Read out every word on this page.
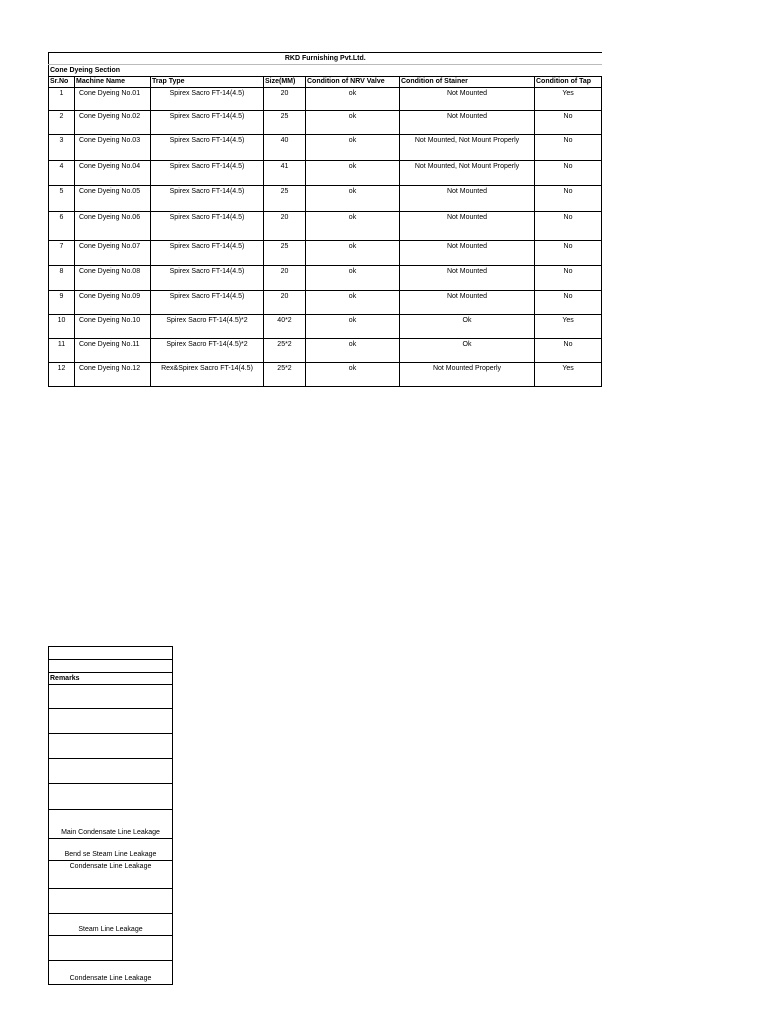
RKD Furnishing Pvt.Ltd.						
Cone Dyeing Section						
Sr.No	Machine Name	Trap Type	Size(MM)	Condition of NRV Valve	Condition of Stainer	Condition of Tap
1	Cone Dyeing No.01	Spirex Sacro FT-14(4.5)	20	ok	Not Mounted	Yes
2	Cone Dyeing No.02	Spirex Sacro FT-14(4.5)	25	ok	Not Mounted	No
3	Cone Dyeing No.03	Spirex Sacro FT-14(4.5)	40	ok	Not Mounted, Not Mount Properly	No
4	Cone Dyeing No.04	Spirex Sacro FT-14(4.5)	41	ok	Not Mounted, Not Mount Properly	No
5	Cone Dyeing No.05	Spirex Sacro FT-14(4.5)	25	ok	Not Mounted	No
6	Cone Dyeing No.06	Spirex Sacro FT-14(4.5)	20	ok	Not Mounted	No
7	Cone Dyeing No.07	Spirex Sacro FT-14(4.5)	25	ok	Not Mounted	No
8	Cone Dyeing No.08	Spirex Sacro FT-14(4.5)	20	ok	Not Mounted	No
9	Cone Dyeing No.09	Spirex Sacro FT-14(4.5)	20	ok	Not Mounted	No
10	Cone Dyeing No.10	Spirex Sacro FT-14(4.5)*2	40*2	ok	Ok	Yes
11	Cone Dyeing No.11	Spirex Sacro FT-14(4.5)*2	25*2	ok	Ok	No
12	Cone Dyeing No.12	Rex&Spirex Sacro FT-14(4.5)	25*2	ok	Not Mounted Properly	Yes

Remarks

Main Condensate Line Leakage
Bend se Steam Line Leakage
Condensate Line Leakage

Steam Line Leakage

Condensate Line Leakage
